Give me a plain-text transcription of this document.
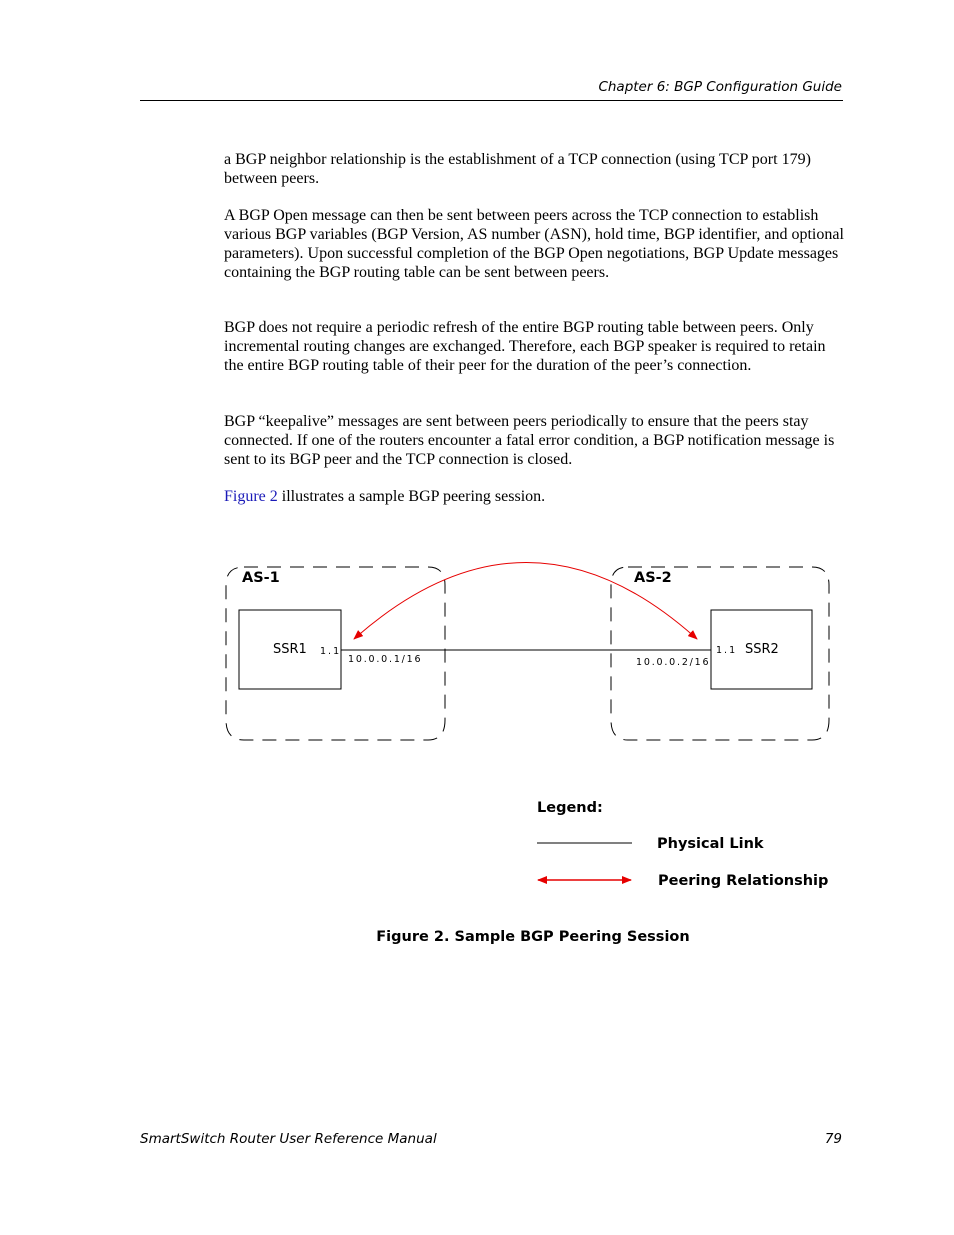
Chapter 6: BGP Configuration Guide

a BGP neighbor relationship is the establishment of a TCP connection (using TCP port 179) between peers.

A BGP Open message can then be sent between peers across the TCP connection to establish various BGP variables (BGP Version, AS number (ASN), hold time, BGP identifier, and optional parameters). Upon successful completion of the BGP Open negotiations, BGP Update messages containing the BGP routing table can be sent between peers.

BGP does not require a periodic refresh of the entire BGP routing table between peers. Only incremental routing changes are exchanged. Therefore, each BGP speaker is required to retain the entire BGP routing table of their peer for the duration of the peer’s connection.

BGP “keepalive” messages are sent between peers periodically to ensure that the peers stay connected. If one of the routers encounter a fatal error condition, a BGP notification message is sent to its BGP peer and the TCP connection is closed.

Figure 2 illustrates a sample BGP peering session.

AS-1	AS-2
SSR1 1.1	SSR2
1.1
10.0.0.1/16	10.0.0.2/16
Legend:
Physical Link
Peering Relationship
Figure 2. Sample BGP Peering Session
SmartSwitch Router User Reference Manual	79
